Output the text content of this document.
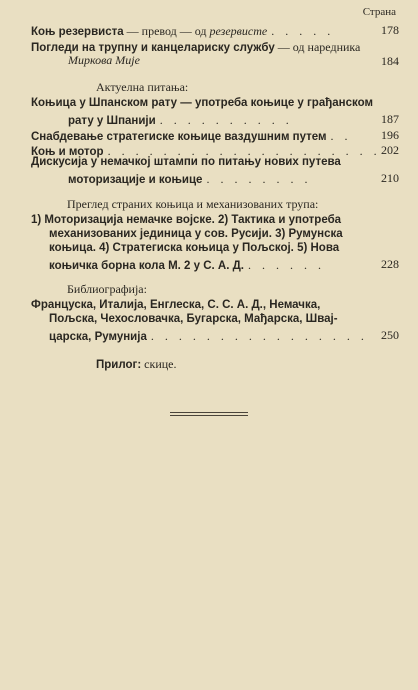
Страна
Коњ резервиста — превод — од резервисте . . . . .	178
Погледи на трупну и канцелариску службу — од наредника
Миркова Мије	184
Актуелна питања:
Коњица у Шпанском рату — употреба коњице у грађанском
рату у Шпанији . . . . . . . . . .	187
Снабдевање стратегиске коњице ваздушним путем . . 196
Коњ и мотор . . . . . . . . . . . . . . . . . . . . 202
Дискусија у немачкој штампи по питању нових путева
моторизације и коњице . . . . . . . .	210
Преглед страних коњица и механизованих трупа:
1) Моторизација немачке војске. 2) Тактика и употреба
механизованих јединица у сов. Русији. 3) Румунска
коњица. 4) Стратегиска коњица у Пољској. 5) Нова
коњичка борна кола М. 2 у С. А. Д. . . . . . .	228
Библиографија:
Француска, Италија, Енглеска, С. С. А. Д., Немачка,
Пољска, Чехословачка, Бугарска, Мађарска, Швај-
царска, Румунија . . . . . . . . . . . . . . . . 250
Прилог: скице.
